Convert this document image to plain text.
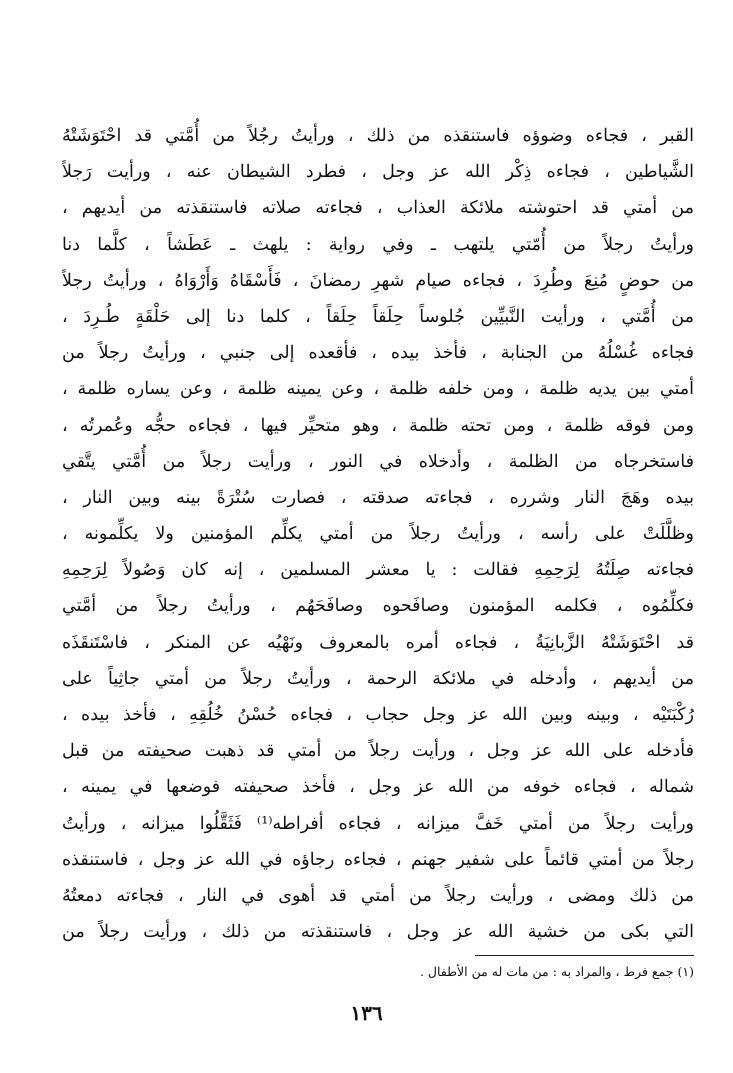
القبر ، فجاءه وضوؤه فاستنقذه من ذلك ، ورأيتُ رجُلاً من أُمَّتي قد احْتَوَشَتْهُ
الشَّياطين ، فجاءه ذِكْر الله عز وجل ، فطرد الشيطان عنه ، ورأيت رَجلاً
من أمتي قد احتوشته ملائكة العذاب ، فجاءته صلاته فاستنقذته من أيديهم ،
ورأيتُ رجلاً من أُمّتي يلتهب ـ وفي رواية : يلهث ـ عَطَشاً ، كلَّما دنا
من حوضٍ مُنِعَ وطُرِدَ ، فجاءه صيام شهرِ رمضانَ ، فَأَسْقَاهُ وَأَرْوَاهُ ، ورأيتُ رجلاً
من أُمَّتي ، ورأيت النَّبيِّين جُلوساً حِلَقاً حِلَقاً ، كلما دنا إلى حَلْقَةٍ طُـرِدَ ،
فجاءه غُسْلُهُ من الجنابة ، فأخذ بيده ، فأقعده إلى جنبي ، ورأيتُ رجلاً من
أمتي بين يديه ظلمة ، ومن خلفه ظلمة ، وعن يمينه ظلمة ، وعن يساره ظلمة ،
ومن فوقه ظلمة ، ومن تحته ظلمة ، وهو متحيِّر فيها ، فجاءه حجُّه وعُمرتُه ،
فاستخرجاه من الظلمة ، وأدخلاه في النور ، ورأيت رجلاً من أُمَّتي يتَّقي
بيده وهَجَ النار وشرره ، فجاءته صدقته ، فصارت سُتْرَةً بينه وبين النار ،
وظلَّلَتْ على رأسه ، ورأيتُ رجلاً من أمتي يكلِّم المؤمنين ولا يكلِّمونه ،
فجاءته صِلَتُهُ لِرَحِمِهِ فقالت : يا معشر المسلمين ، إنه كان وَصُولاً لِرَحِمِهِ
فكلِّمُوه ، فكلمه المؤمنون وصافَحوه وصافَحَهُم ، ورأيتُ رجلاً من أمَّتي
قد احْتَوَشَتْهُ الزَّبانِيَةُ ، فجاءه أمره بالمعروف ونَهْيُه عن المنكر ، فاسْتَنقَذَه
من أيديهم ، وأدخله في ملائكة الرحمة ، ورأيتُ رجلاً من أمتي جاثِياً على
رُكْبَتَيْه ، وبينه وبين الله عز وجل حجاب ، فجاءه حُسْنُ خُلُقِهِ ، فأخذ بيده ،
فأدخله على الله عز وجل ، ورأيت رجلاً من أمتي قد ذهبت صحيفته من قبل
شماله ، فجاءه خوفه من الله عز وجل ، فأخذ صحيفته فوضعها في يمينه ،
ورأيت رجلاً من أمتي خَفَّ ميزانه ، فجاءه أفراطه⁽¹⁾ فَثَقَّلُوا ميزانه ، ورأيتُ
رجلاً من أمتي قائماً على شفير جهنم ، فجاءه رجاؤه في الله عز وجل ، فاستنقذه
من ذلك ومضى ، ورأيت رجلاً من أمتي قد أهوى في النار ، فجاءته دمعتُهُ
التي بكى من خشية الله عز وجل ، فاستنقذته من ذلك ، ورأيت رجلاً من
(١) جمع فرط ، والمراد به : من مات له من الأطفال .
١٣٦
